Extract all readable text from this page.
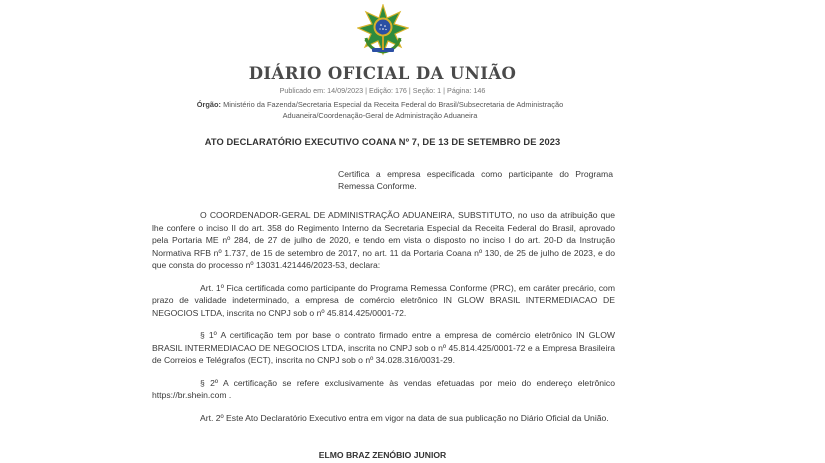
DIÁRIO OFICIAL DA UNIÃO
Publicado em: 14/09/2023 | Edição: 176 | Seção: 1 | Página: 146
Órgão: Ministério da Fazenda/Secretaria Especial da Receita Federal do Brasil/Subsecretaria de Administração Aduaneira/Coordenação-Geral de Administração Aduaneira
ATO DECLARATÓRIO EXECUTIVO COANA Nº 7, DE 13 DE SETEMBRO DE 2023
Certifica a empresa especificada como participante do Programa Remessa Conforme.

O COORDENADOR-GERAL DE ADMINISTRAÇÃO ADUANEIRA, SUBSTITUTO, no uso da atribuição que lhe confere o inciso II do art. 358 do Regimento Interno da Secretaria Especial da Receita Federal do Brasil, aprovado pela Portaria ME nº 284, de 27 de julho de 2020, e tendo em vista o disposto no inciso I do art. 20-D da Instrução Normativa RFB nº 1.737, de 15 de setembro de 2017, no art. 11 da Portaria Coana nº 130, de 25 de julho de 2023, e do que consta do processo nº 13031.421446/2023-53, declara:

Art. 1º Fica certificada como participante do Programa Remessa Conforme (PRC), em caráter precário, com prazo de validade indeterminado, a empresa de comércio eletrônico IN GLOW BRASIL INTERMEDIACAO DE NEGOCIOS LTDA, inscrita no CNPJ sob o nº 45.814.425/0001-72.

§ 1º A certificação tem por base o contrato firmado entre a empresa de comércio eletrônico IN GLOW BRASIL INTERMEDIACAO DE NEGOCIOS LTDA, inscrita no CNPJ sob o nº 45.814.425/0001-72 e a Empresa Brasileira de Correios e Telégrafos (ECT), inscrita no CNPJ sob o nº 34.028.316/0031-29.

§ 2º A certificação se refere exclusivamente às vendas efetuadas por meio do endereço eletrônico https://br.shein.com .

Art. 2º Este Ato Declaratório Executivo entra em vigor na data de sua publicação no Diário Oficial da União.

ELMO BRAZ ZENÓBIO JUNIOR
